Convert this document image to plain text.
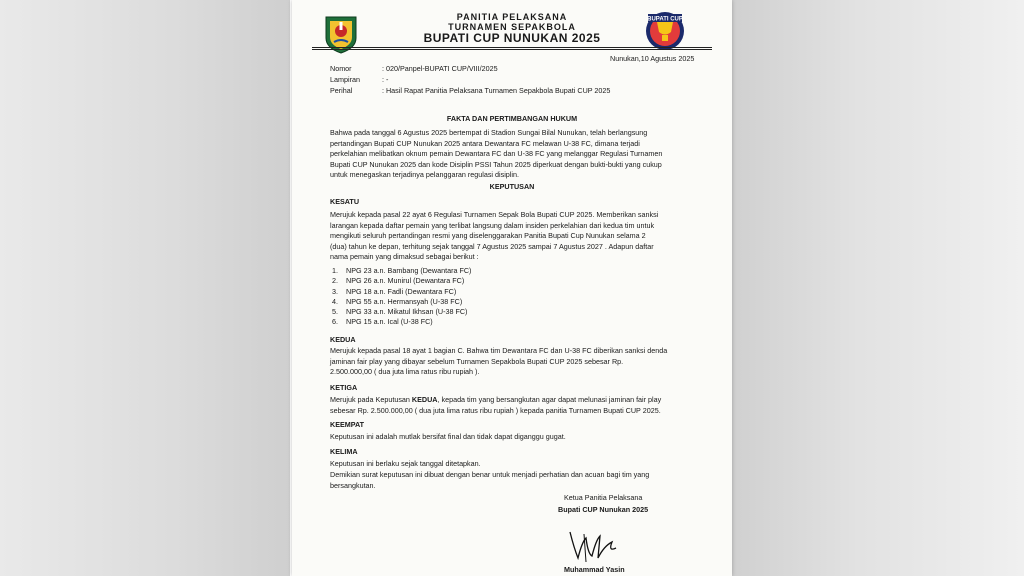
BUPATI CUP
PANITIA PELAKSANA
TURNAMEN SEPAKBOLA
BUPATI CUP NUNUKAN 2025
Nunukan,10 Agustus 2025
Nomor	: 020/Panpel-BUPATI CUP/VIII/2025
Lampiran	: -
Perihal	: Hasil Rapat Panitia Pelaksana Turnamen Sepakbola Bupati CUP 2025
FAKTA DAN PERTIMBANGAN HUKUM
Bahwa pada tanggal 6 Agustus 2025 bertempat di Stadion Sungai Bilal Nunukan, telah berlangsung
pertandingan Bupati CUP Nunukan 2025 antara Dewantara FC melawan U-38 FC, dimana terjadi
perkelahian melibatkan oknum pemain Dewantara FC dan U-38 FC yang melanggar Regulasi Turnamen
Bupati CUP Nunukan 2025 dan kode Disiplin PSSI Tahun 2025 diperkuat dengan bukti-bukti yang cukup
untuk menegaskan terjadinya pelanggaran regulasi disiplin.
KEPUTUSAN
KESATU
Merujuk kepada pasal 22 ayat 6 Regulasi Turnamen Sepak Bola Bupati CUP 2025. Memberikan sanksi
larangan kepada daftar pemain yang terlibat langsung dalam insiden perkelahian dari kedua tim untuk
mengikuti seluruh pertandingan resmi yang diselenggarakan Panitia Bupati Cup Nunukan selama 2
(dua) tahun ke depan, terhitung sejak tanggal 7 Agustus 2025 sampai 7 Agustus 2027 . Adapun daftar
nama pemain yang dimaksud sebagai berikut :
1. NPG 23 a.n. Bambang (Dewantara FC)
2. NPG 26 a.n. Munirul (Dewantara FC)
3. NPG 18 a.n. Fadli (Dewantara FC)
4. NPG 55 a.n. Hermansyah (U-38 FC)
5. NPG 33 a.n. Mikatul Ikhsan (U-38 FC)
6. NPG 15 a.n. Ical (U-38 FC)
KEDUA
Merujuk kepada pasal 18 ayat 1 bagian C. Bahwa tim Dewantara FC dan U-38 FC diberikan sanksi denda
jaminan fair play yang dibayar sebelum Turnamen Sepakbola Bupati CUP 2025 sebesar Rp.
2.500.000,00 ( dua juta lima ratus ribu rupiah ).
KETIGA
Merujuk pada Keputusan KEDUA, kepada tim yang bersangkutan agar dapat melunasi jaminan fair play
sebesar Rp. 2.500.000,00 ( dua juta lima ratus ribu rupiah ) kepada panitia Turnamen Bupati CUP 2025.
KEEMPAT
Keputusan ini adalah mutlak bersifat final dan tidak dapat diganggu gugat.
KELIMA
Keputusan ini berlaku sejak tanggal ditetapkan.
Demikian surat keputusan ini dibuat dengan benar untuk menjadi perhatian dan acuan bagi tim yang
bersangkutan.
Ketua Panitia Pelaksana
Bupati CUP Nunukan 2025
Muhammad Yasin
